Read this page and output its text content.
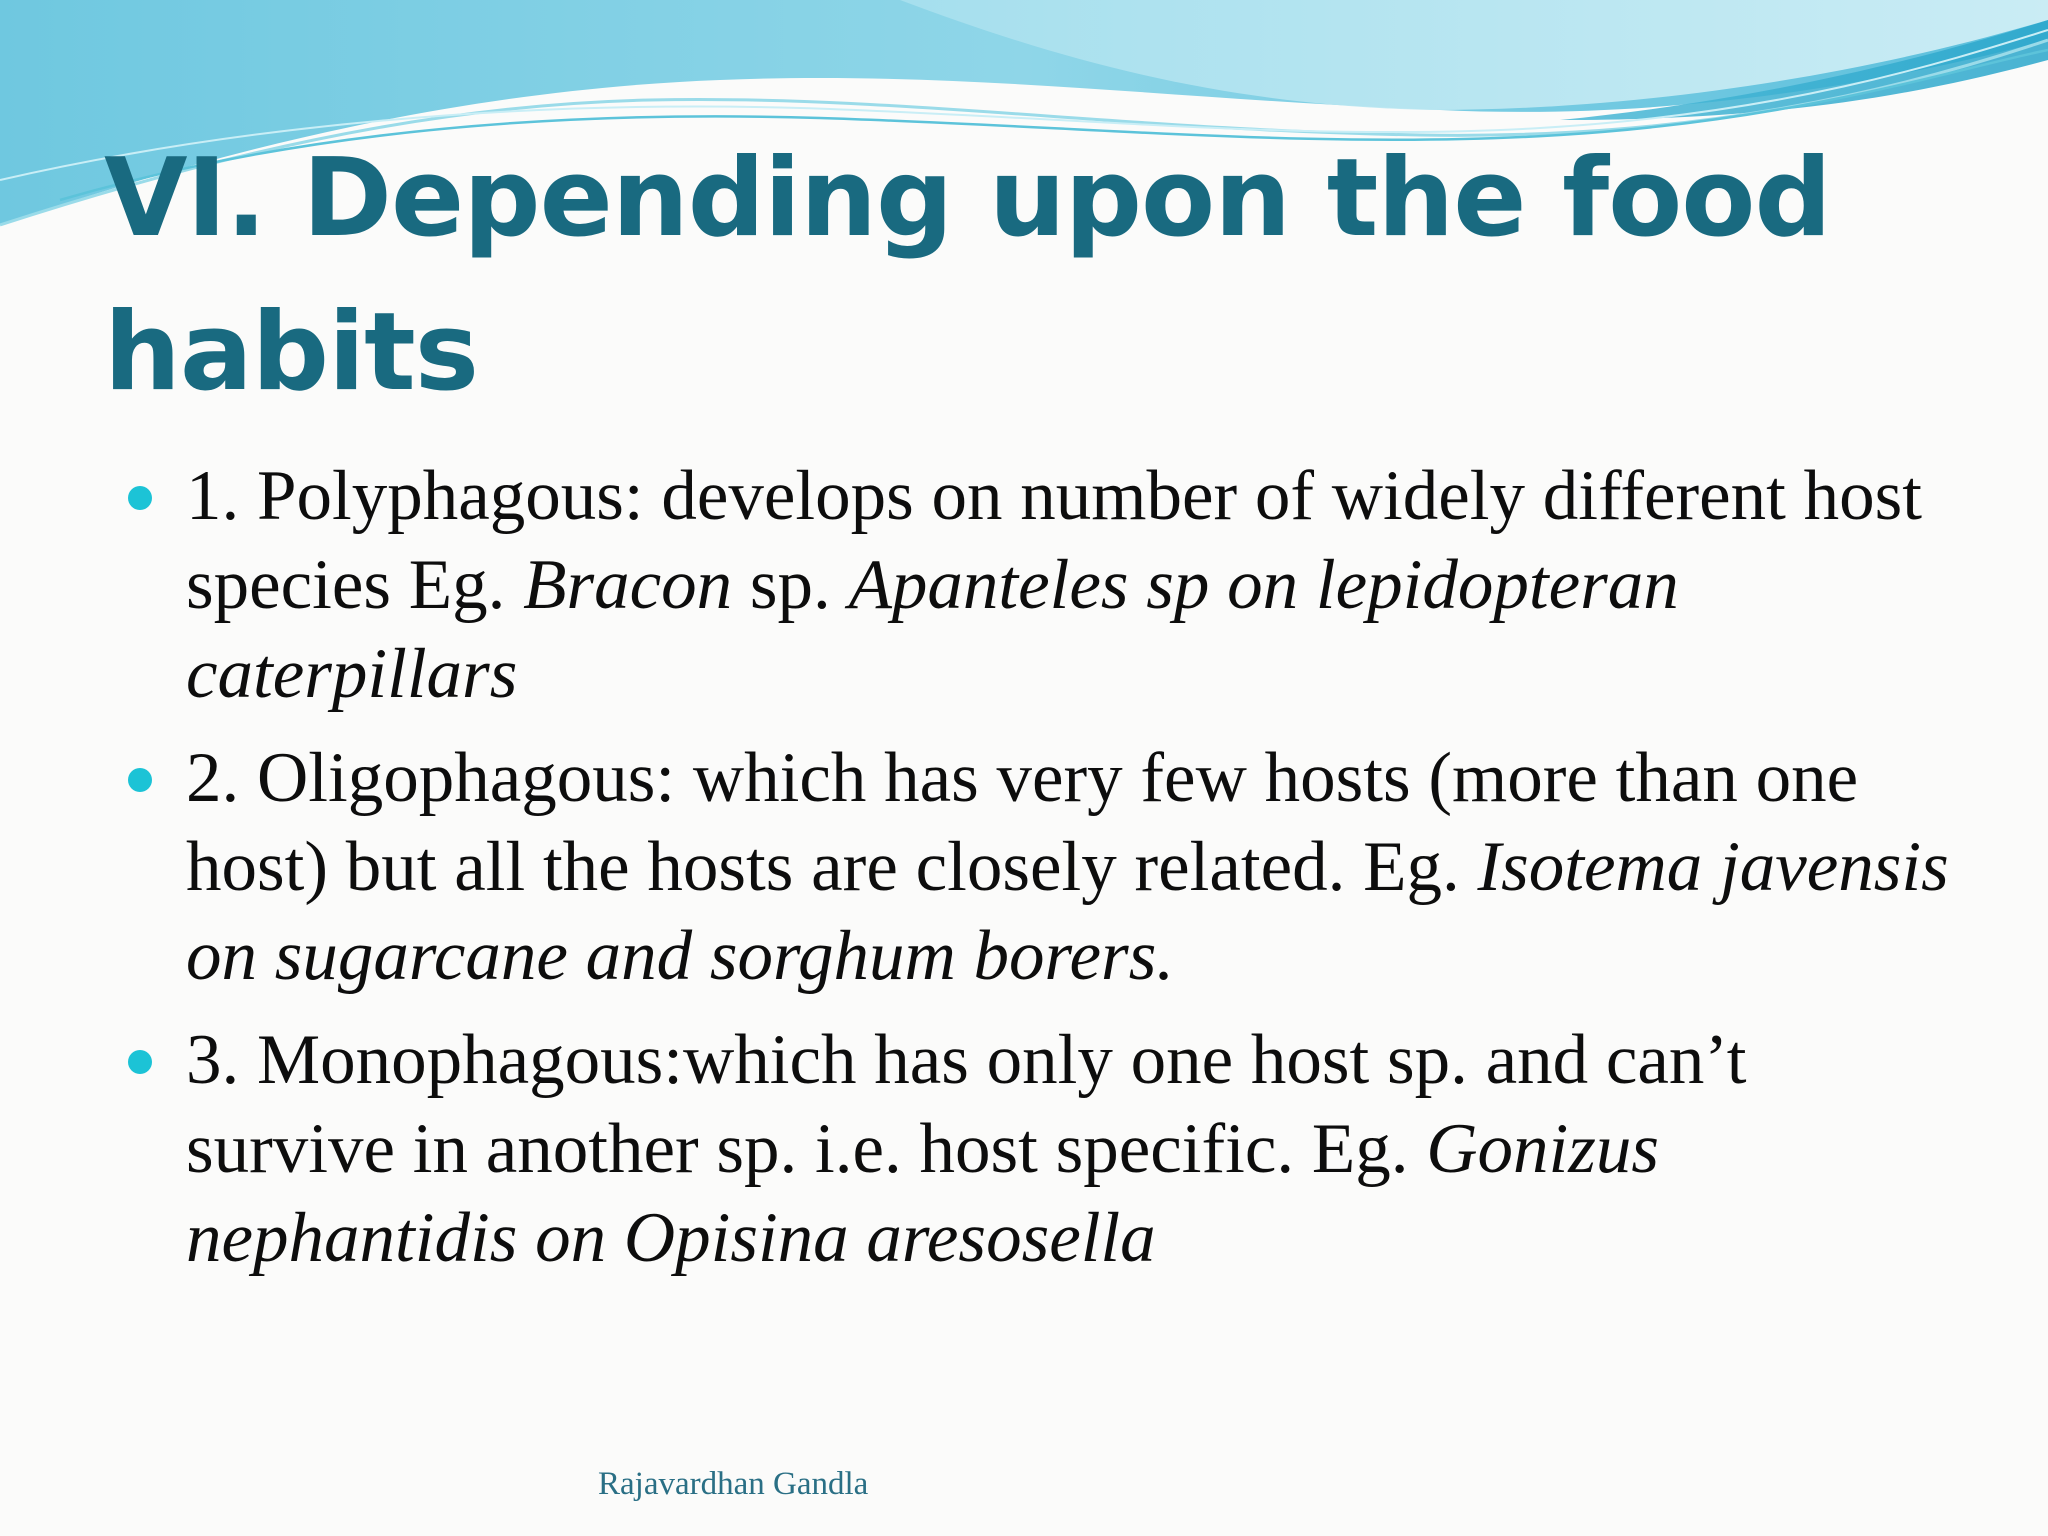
VI. Depending upon the food habits
1. Polyphagous: develops on number of widely different host species Eg. Bracon sp. Apanteles sp on lepidopteran caterpillars
2. Oligophagous: which has very few hosts (more than one host) but all the hosts are closely related. Eg. Isotema javensis on sugarcane and sorghum borers.
3. Monophagous:which has only one host sp. and can’t survive in another sp. i.e. host specific. Eg. Gonizus nephantidis on Opisina aresosella
Rajavardhan Gandla
